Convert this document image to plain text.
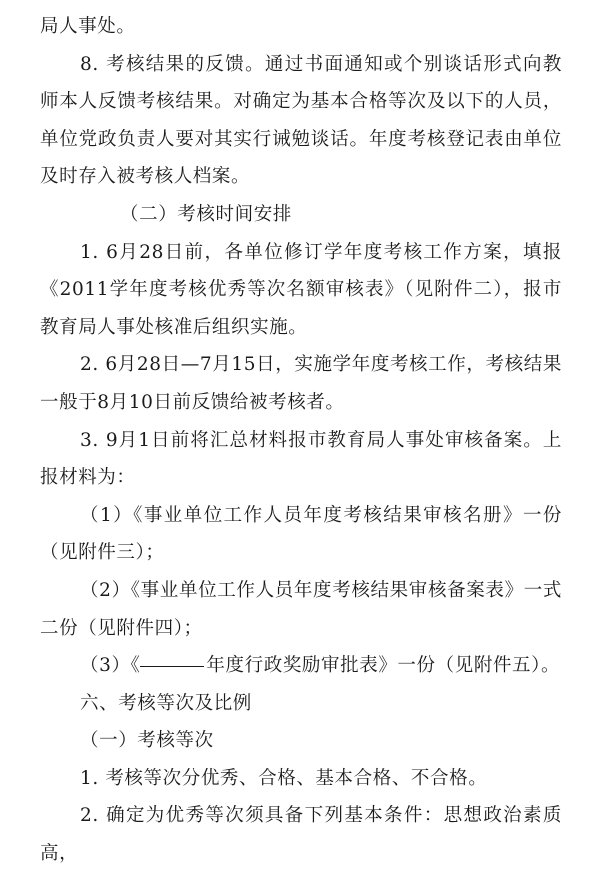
局人事处。

8. 考核结果的反馈。通过书面通知或个别谈话形式向教师本人反馈考核结果。对确定为基本合格等次及以下的人员，单位党政负责人要对其实行诫勉谈话。年度考核登记表由单位及时存入被考核人档案。

（二）考核时间安排

1. 6月28日前，各单位修订学年度考核工作方案，填报《2011学年度考核优秀等次名额审核表》（见附件二），报市教育局人事处核准后组织实施。

2. 6月28日—7月15日，实施学年度考核工作，考核结果一般于8月10日前反馈给被考核者。

3. 9月1日前将汇总材料报市教育局人事处审核备案。上报材料为：

（1）《事业单位工作人员年度考核结果审核名册》一份（见附件三）；

（2）《事业单位工作人员年度考核结果审核备案表》一式二份（见附件四）；

（3）《	年度行政奖励审批表》一份（见附件五）。

六、考核等次及比例

（一）考核等次

1. 考核等次分优秀、合格、基本合格、不合格。

2. 确定为优秀等次须具备下列基本条件：思想政治素质高，
